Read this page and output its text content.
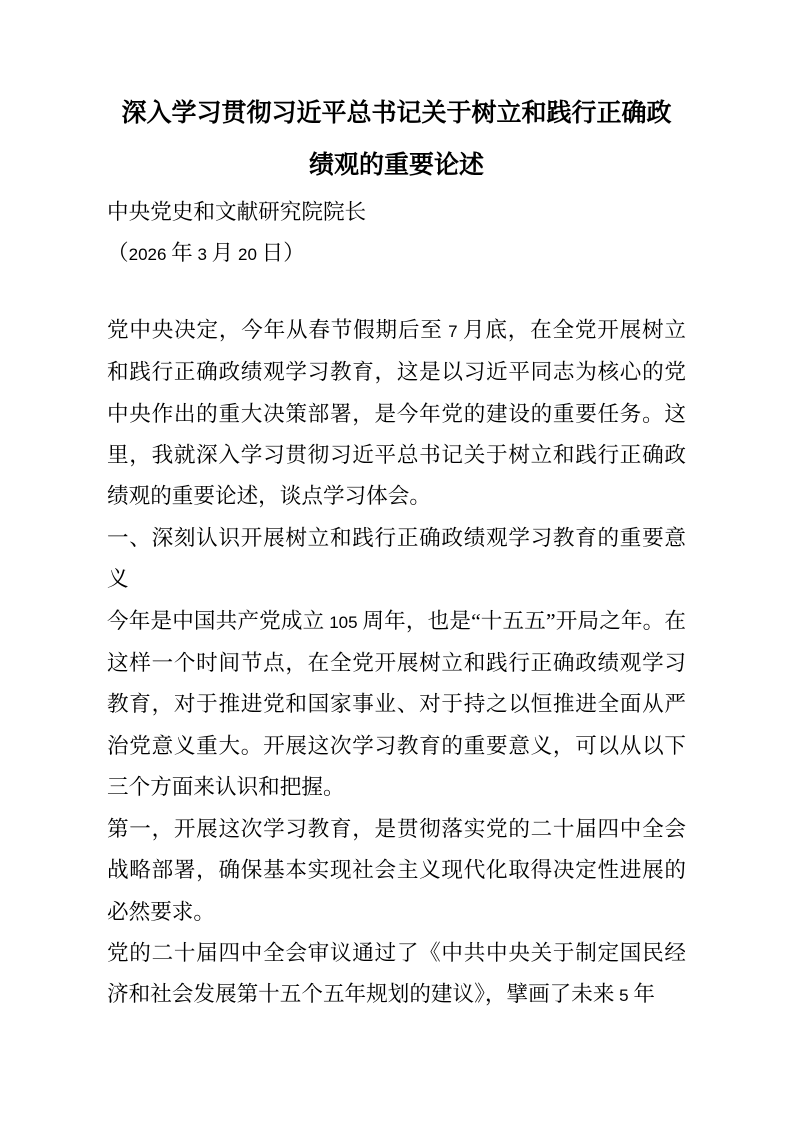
深入学习贯彻习近平总书记关于树立和践行正确政绩观的重要论述

中央党史和文献研究院院长

（2026 年 3 月 20 日）

党中央决定，今年从春节假期后至 7 月底，在全党开展树立和践行正确政绩观学习教育，这是以习近平同志为核心的党中央作出的重大决策部署，是今年党的建设的重要任务。这里，我就深入学习贯彻习近平总书记关于树立和践行正确政绩观的重要论述，谈点学习体会。

一、深刻认识开展树立和践行正确政绩观学习教育的重要意义

今年是中国共产党成立 105 周年，也是“十五五”开局之年。在这样一个时间节点，在全党开展树立和践行正确政绩观学习教育，对于推进党和国家事业、对于持之以恒推进全面从严治党意义重大。开展这次学习教育的重要意义，可以从以下三个方面来认识和把握。

第一，开展这次学习教育，是贯彻落实党的二十届四中全会战略部署，确保基本实现社会主义现代化取得决定性进展的必然要求。

党的二十届四中全会审议通过了《中共中央关于制定国民经济和社会发展第十五个五年规划的建议》，擘画了未来 5 年
